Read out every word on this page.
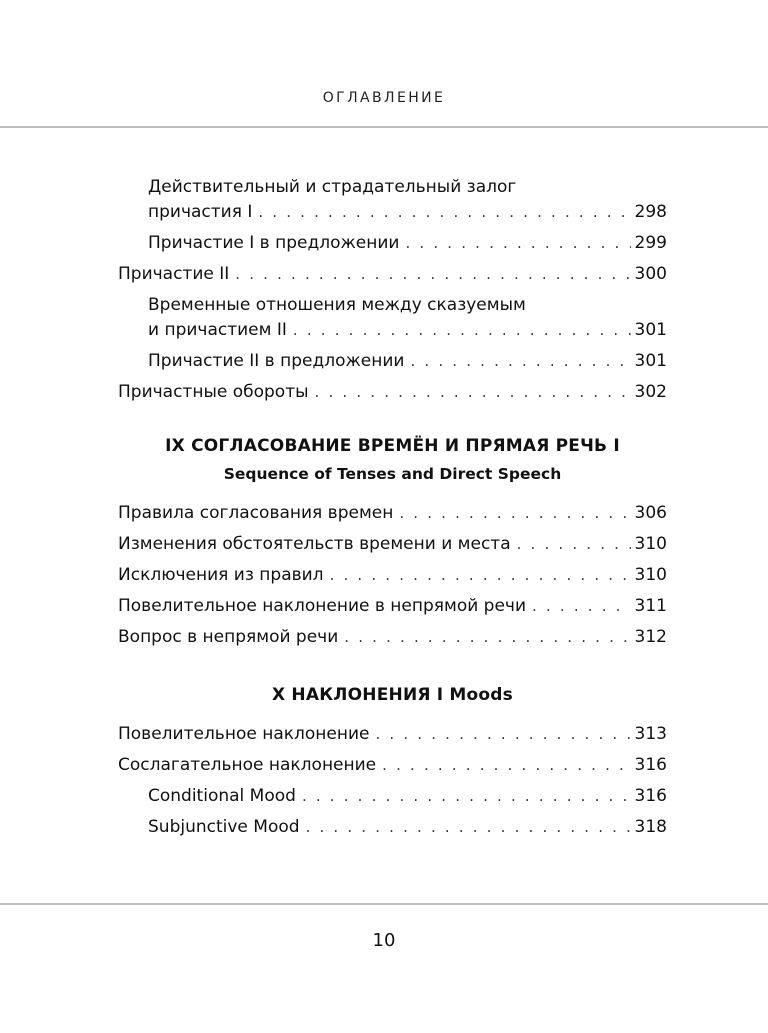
ОГЛАВЛЕНИЕ
Действительный и страдательный залог
причастия I . . .	298
Причастие I в предложении . . .	299
Причастие II . . .	300
Временные отношения между сказуемым
и причастием II . . .	301
Причастие II в предложении . . .	301
Причастные обороты . . .	302
IX СОГЛАСОВАНИЕ ВРЕМЁН И ПРЯМАЯ РЕЧЬ I
Sequence of Tenses and Direct Speech
Правила согласования времен . . .	306
Изменения обстоятельств времени и места . . .	310
Исключения из правил . . .	310
Повелительное наклонение в непрямой речи . . .	311
Вопрос в непрямой речи . . .	312
X НАКЛОНЕНИЯ I Moods
Повелительное наклонение . . .	313
Сослагательное наклонение . . .	316
Conditional Mood . . .	316
Subjunctive Mood . . .	318
10
